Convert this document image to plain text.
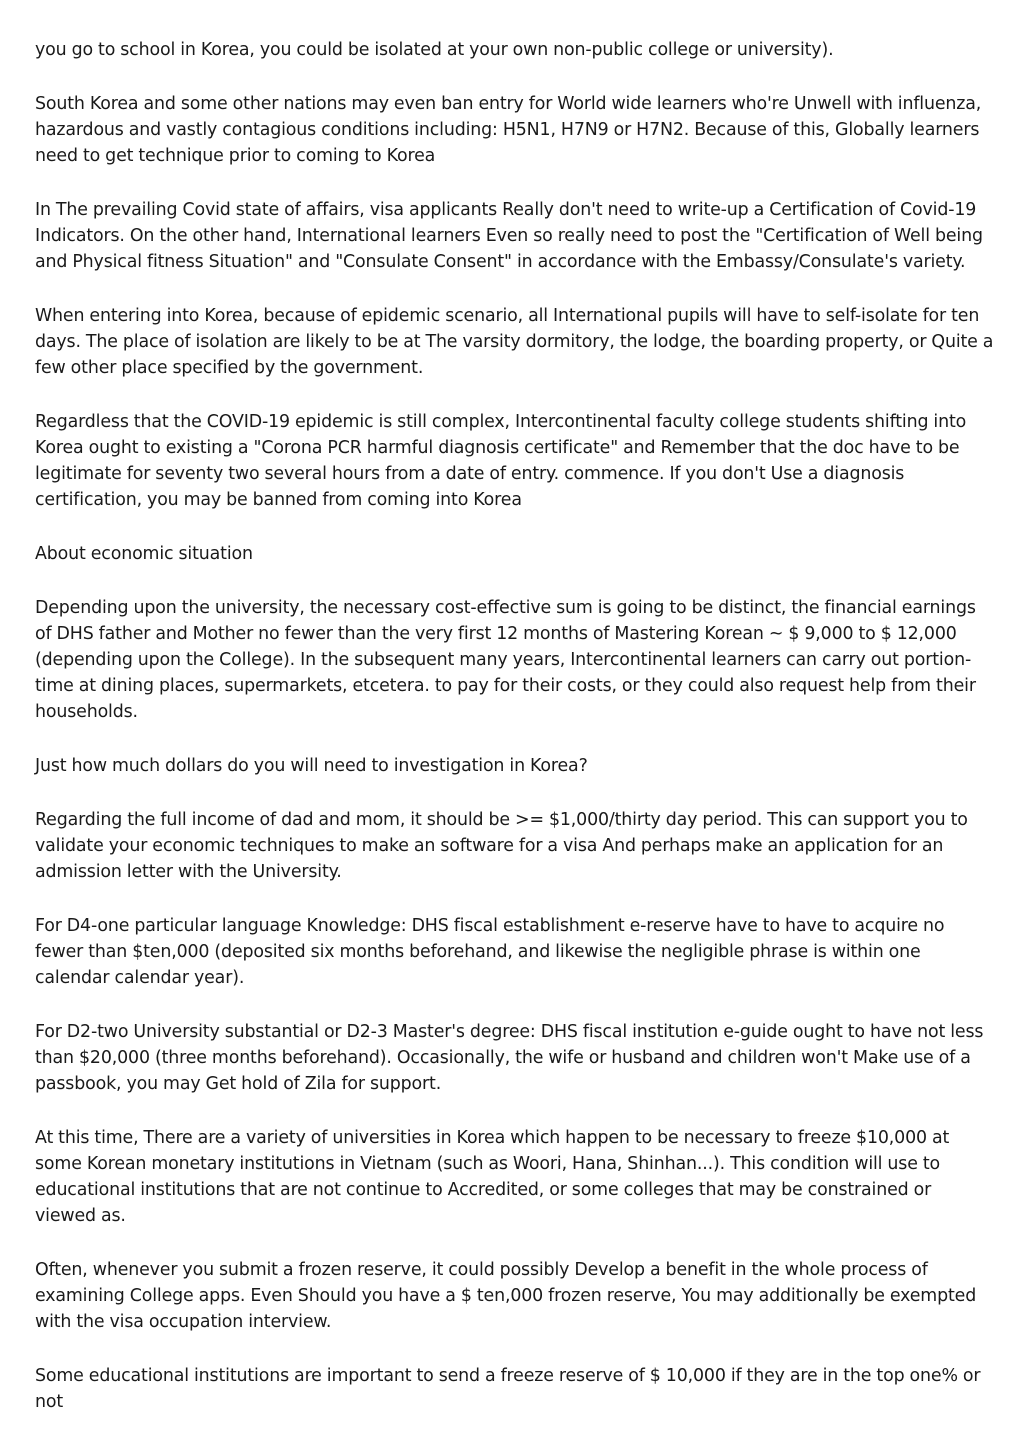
you go to school in Korea, you could be isolated at your own non-public college or university).

South Korea and some other nations may even ban entry for World wide learners who're Unwell with influenza, hazardous and vastly contagious conditions including: H5N1, H7N9 or H7N2. Because of this, Globally learners need to get technique prior to coming to Korea

In The prevailing Covid state of affairs, visa applicants Really don't need to write-up a Certification of Covid-19 Indicators. On the other hand, International learners Even so really need to post the "Certification of Well being and Physical fitness Situation" and "Consulate Consent" in accordance with the Embassy/Consulate's variety.

When entering into Korea, because of epidemic scenario, all International pupils will have to self-isolate for ten days. The place of isolation are likely to be at The varsity dormitory, the lodge, the boarding property, or Quite a few other place specified by the government.

Regardless that the COVID-19 epidemic is still complex, Intercontinental faculty college students shifting into Korea ought to existing a "Corona PCR harmful diagnosis certificate" and Remember that the doc have to be legitimate for seventy two several hours from a date of entry. commence. If you don't Use a diagnosis certification, you may be banned from coming into Korea

About economic situation

Depending upon the university, the necessary cost-effective sum is going to be distinct, the financial earnings of DHS father and Mother no fewer than the very first 12 months of Mastering Korean ~ $ 9,000 to $ 12,000 (depending upon the College). In the subsequent many years, Intercontinental learners can carry out portion-time at dining places, supermarkets, etcetera. to pay for their costs, or they could also request help from their households.

Just how much dollars do you will need to investigation in Korea?

Regarding the full income of dad and mom, it should be >= $1,000/thirty day period. This can support you to validate your economic techniques to make an software for a visa And perhaps make an application for an admission letter with the University.

For D4-one particular language Knowledge: DHS fiscal establishment e-reserve have to have to acquire no fewer than $ten,000 (deposited six months beforehand, and likewise the negligible phrase is within one calendar calendar year).

For D2-two University substantial or D2-3 Master's degree: DHS fiscal institution e-guide ought to have not less than $20,000 (three months beforehand). Occasionally, the wife or husband and children won't Make use of a passbook, you may Get hold of Zila for support.

At this time, There are a variety of universities in Korea which happen to be necessary to freeze $10,000 at some Korean monetary institutions in Vietnam (such as Woori, Hana, Shinhan...). This condition will use to educational institutions that are not continue to Accredited, or some colleges that may be constrained or viewed as.

Often, whenever you submit a frozen reserve, it could possibly Develop a benefit in the whole process of examining College apps. Even Should you have a $ ten,000 frozen reserve, You may additionally be exempted with the visa occupation interview.

Some educational institutions are important to send a freeze reserve of $ 10,000 if they are in the top one% or not
